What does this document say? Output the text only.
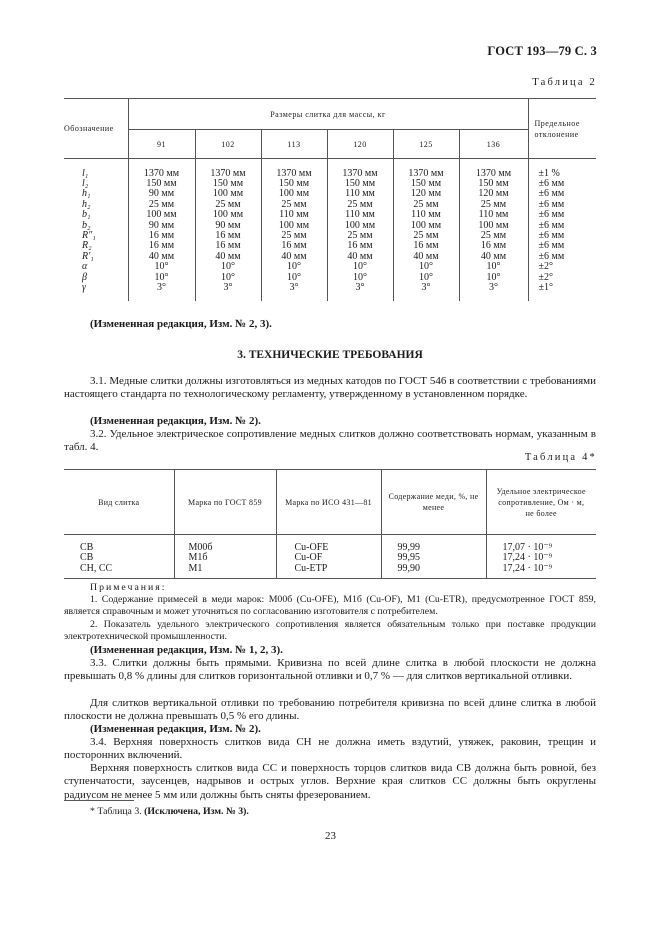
ГОСТ 193—79 С. 3
Таблица 2
Обозначение	Размеры слитка для массы, кг						Предельное отклонение
	91	102	113	120	125	136	

l₁	1370 мм	1370 мм	1370 мм	1370 мм	1370 мм	1370 мм	±1 %
l₂	150 мм	150 мм	150 мм	150 мм	150 мм	150 мм	±6 мм
h₁	90 мм	100 мм	100 мм	110 мм	120 мм	120 мм	±6 мм
h₂	25 мм	25 мм	25 мм	25 мм	25 мм	25 мм	±6 мм
b₁	100 мм	100 мм	110 мм	110 мм	110 мм	110 мм	±6 мм
b₂	90 мм	90 мм	100 мм	100 мм	100 мм	100 мм	±6 мм
R″₁	16 мм	16 мм	25 мм	25 мм	25 мм	25 мм	±6 мм
R₂	16 мм	16 мм	16 мм	16 мм	16 мм	16 мм	±6 мм
R′₁	40 мм	40 мм	40 мм	40 мм	40 мм	40 мм	±6 мм
α	10°	10°	10°	10°	10°	10°	±2°
β	10°	10°	10°	10°	10°	10°	±2°
γ	3°	3°	3°	3°	3°	3°	±1°

(Измененная редакция, Изм. № 2, 3).
3. ТЕХНИЧЕСКИЕ ТРЕБОВАНИЯ
3.1. Медные слитки должны изготовляться из медных катодов по ГОСТ 546 в соответствии с требованиями настоящего стандарта по технологическому регламенту, утвержденному в установленном порядке.
(Измененная редакция, Изм. № 2).
3.2. Удельное электрическое сопротивление медных слитков должно соответствовать нормам, указанным в табл. 4.
Таблица 4*
Вид слитка	Марка по ГОСТ 859	Марка по ИСО 431—81	Содержание меди, %, не менее	Удельное электрическое сопротивление, Ом · м, не более

СВ	М00б	Cu-OFE	99,99	17,07 · 10⁻⁹
СВ	М1б	Cu-OF	99,95	17,24 · 10⁻⁹
СН, СС	М1	Cu-ETP	99,90	17,24 · 10⁻⁹

Примечания:
1. Содержание примесей в меди марок: М00б (Cu-OFE), М1б (Cu-OF), М1 (Cu-ETR), предусмотренное ГОСТ 859, является справочным и может уточняться по согласованию изготовителя с потребителем.
2. Показатель удельного электрического сопротивления является обязательным только при поставке продукции электротехнической промышленности.
(Измененная редакция, Изм. № 1, 2, 3).
3.3. Слитки должны быть прямыми. Кривизна по всей длине слитка в любой плоскости не должна превышать 0,8 % длины для слитков горизонтальной отливки и 0,7 % — для слитков вертикальной отливки.
Для слитков вертикальной отливки по требованию потребителя кривизна по всей длине слитка в любой плоскости не должна превышать 0,5 % его длины.
(Измененная редакция, Изм. № 2).
3.4. Верхняя поверхность слитков вида СН не должна иметь вздутий, утяжек, раковин, трещин и посторонних включений.
Верхняя поверхность слитков вида СС и поверхность торцов слитков вида СВ должна быть ровной, без ступенчатости, заусенцев, надрывов и острых углов. Верхние края слитков СС должны быть округлены радиусом не менее 5 мм или должны быть сняты фрезерованием.
* Таблица 3. (Исключена, Изм. № 3).
23
